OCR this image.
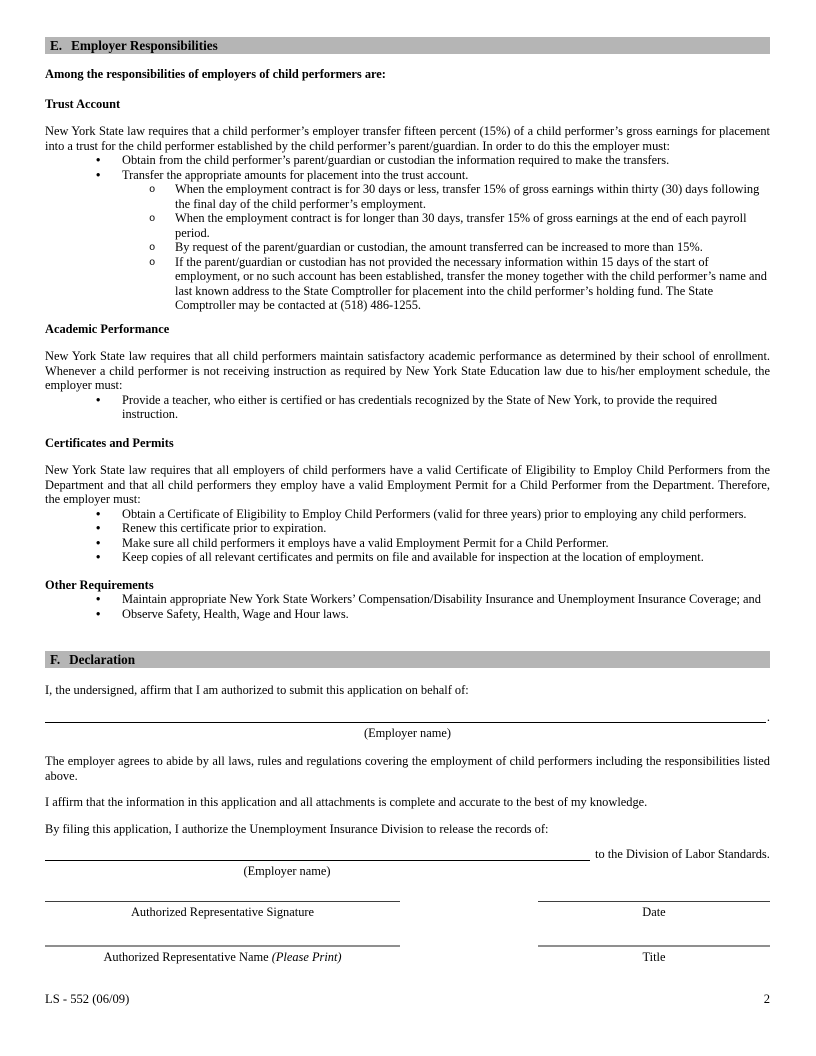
E. Employer Responsibilities
Among the responsibilities of employers of child performers are:
Trust Account
New York State law requires that a child performer’s employer transfer fifteen percent (15%) of a child performer’s gross earnings for placement into a trust for the child performer established by the child performer’s parent/guardian. In order to do this the employer must:
• Obtain from the child performer’s parent/guardian or custodian the information required to make the transfers.
• Transfer the appropriate amounts for placement into the trust account.
o When the employment contract is for 30 days or less, transfer 15% of gross earnings within thirty (30) days following the final day of the child performer’s employment.
o When the employment contract is for longer than 30 days, transfer 15% of gross earnings at the end of each payroll period.
o By request of the parent/guardian or custodian, the amount transferred can be increased to more than 15%.
o If the parent/guardian or custodian has not provided the necessary information within 15 days of the start of employment, or no such account has been established, transfer the money together with the child performer’s name and last known address to the State Comptroller for placement into the child performer’s holding fund. The State Comptroller may be contacted at (518) 486-1255.
Academic Performance
New York State law requires that all child performers maintain satisfactory academic performance as determined by their school of enrollment. Whenever a child performer is not receiving instruction as required by New York State Education law due to his/her employment schedule, the employer must:
• Provide a teacher, who either is certified or has credentials recognized by the State of New York, to provide the required instruction.
Certificates and Permits
New York State law requires that all employers of child performers have a valid Certificate of Eligibility to Employ Child Performers from the Department and that all child performers they employ have a valid Employment Permit for a Child Performer from the Department. Therefore, the employer must:
• Obtain a Certificate of Eligibility to Employ Child Performers (valid for three years) prior to employing any child performers.
• Renew this certificate prior to expiration.
• Make sure all child performers it employs have a valid Employment Permit for a Child Performer.
• Keep copies of all relevant certificates and permits on file and available for inspection at the location of employment.
Other Requirements
• Maintain appropriate New York State Workers’ Compensation/Disability Insurance and Unemployment Insurance Coverage; and
• Observe Safety, Health, Wage and Hour laws.
F. Declaration
I, the undersigned, affirm that I am authorized to submit this application on behalf of:
.
(Employer name)
The employer agrees to abide by all laws, rules and regulations covering the employment of child performers including the responsibilities listed above.
I affirm that the information in this application and all attachments is complete and accurate to the best of my knowledge.
By filing this application, I authorize the Unemployment Insurance Division to release the records of:
to the Division of Labor Standards.
(Employer name)
Authorized Representative Signature	Date
Authorized Representative Name (Please Print)	Title
LS - 552 (06/09)	2
